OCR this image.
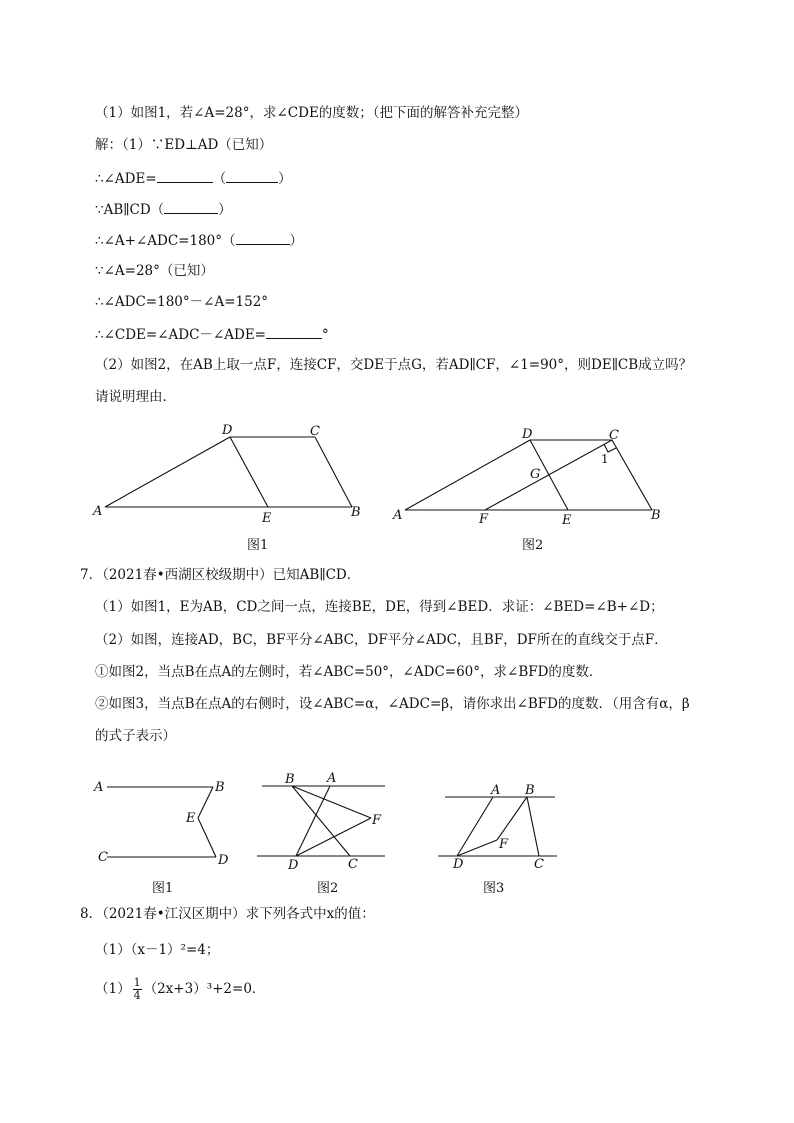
（1）如图1，若∠A=28°，求∠CDE的度数；（把下面的解答补充完整）
解：（1）∵ED⊥AD（已知）
∴∠ADE=	（	）
∵AB∥CD（	）
∴∠A+∠ADC=180°（	）
∵∠A=28°（已知）
∴∠ADC=180°－∠A=152°
∴∠CDE=∠ADC－∠ADE=	°
（2）如图2，在AB上取一点F，连接CF，交DE于点G，若AD∥CF，∠1=90°，则DE∥CB成立吗？
请说明理由．
A
D	C
B
E	A
D	C
B
E
F
G
1
A	B
E
C	D
B A
F
D	C
A B
F
D	C
图1	图2
图1	图2	图3
7．（2021春•西湖区校级期中）已知AB∥CD．
（1）如图1，E为AB，CD之间一点，连接BE，DE，得到∠BED．求证：∠BED=∠B+∠D；
（2）如图，连接AD，BC，BF平分∠ABC，DF平分∠ADC，且BF，DF所在的直线交于点F．
①如图2，当点B在点A的左侧时，若∠ABC=50°，∠ADC=60°，求∠BFD的度数．
②如图3，当点B在点A的右侧时，设∠ABC=α，∠ADC=β，请你求出∠BFD的度数．（用含有α，β
的式子表示）
8．（2021春•江汉区期中）求下列各式中x的值：
（1）（x－1）²=4；
$(1) \frac{1}{4} (2x+3)^3+2=0$．
